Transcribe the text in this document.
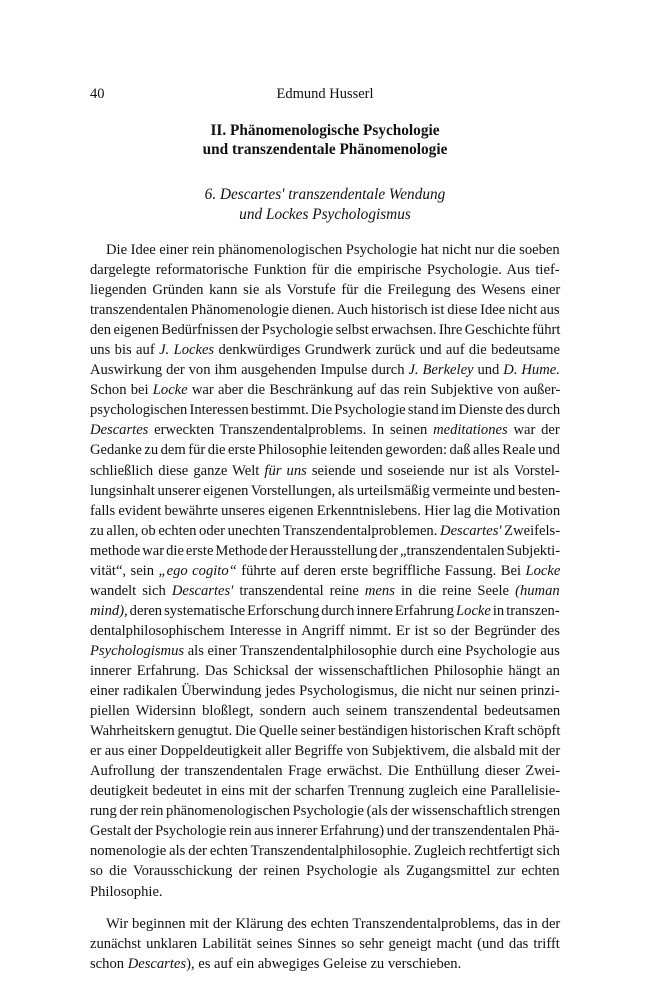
40	Edmund Husserl
II. Phänomenologische Psychologie
und transzendentale Phänomenologie
6. Descartes' transzendentale Wendung
und Lockes Psychologismus

Die Idee einer rein phänomenologischen Psychologie hat nicht nur die soeben
dargelegte reformatorische Funktion für die empirische Psychologie. Aus tief-
liegenden Gründen kann sie als Vorstufe für die Freilegung des Wesens einer
transzendentalen Phänomenologie dienen. Auch historisch ist diese Idee nicht aus
den eigenen Bedürfnissen der Psychologie selbst erwachsen. Ihre Geschichte führt
uns bis auf J. Lockes denkwürdiges Grundwerk zurück und auf die bedeutsame
Auswirkung der von ihm ausgehenden Impulse durch J. Berkeley und D. Hume.
Schon bei Locke war aber die Beschränkung auf das rein Subjektive von außer-
psychologischen Interessen bestimmt. Die Psychologie stand im Dienste des durch
Descartes erweckten Transzendentalproblems. In seinen meditationes war der
Gedanke zu dem für die erste Philosophie leitenden geworden: daß alles Reale und
schließlich diese ganze Welt für uns seiende und soseiende nur ist als Vorstel-
lungsinhalt unserer eigenen Vorstellungen, als urteilsmäßig vermeinte und besten-
falls evident bewährte unseres eigenen Erkenntnislebens. Hier lag die Motivation
zu allen, ob echten oder unechten Transzendentalproblemen. Descartes' Zweifels-
methode war die erste Methode der Herausstellung der „transzendentalen Subjekti-
vität“, sein „ego cogito“ führte auf deren erste begriffliche Fassung. Bei Locke
wandelt sich Descartes' transzendental reine mens in die reine Seele (human
mind), deren systematische Erforschung durch innere Erfahrung Locke in transzen-
dentalphilosophischem Interesse in Angriff nimmt. Er ist so der Begründer des
Psychologismus als einer Transzendentalphilosophie durch eine Psychologie aus
innerer Erfahrung. Das Schicksal der wissenschaftlichen Philosophie hängt an
einer radikalen Überwindung jedes Psychologismus, die nicht nur seinen prinzi-
piellen Widersinn bloßlegt, sondern auch seinem transzendental bedeutsamen
Wahrheitskern genugtut. Die Quelle seiner beständigen historischen Kraft schöpft
er aus einer Doppeldeutigkeit aller Begriffe von Subjektivem, die alsbald mit der
Aufrollung der transzendentalen Frage erwächst. Die Enthüllung dieser Zwei-
deutigkeit bedeutet in eins mit der scharfen Trennung zugleich eine Parallelisie-
rung der rein phänomenologischen Psychologie (als der wissenschaftlich strengen
Gestalt der Psychologie rein aus innerer Erfahrung) und der transzendentalen Phä-
nomenologie als der echten Transzendentalphilosophie. Zugleich rechtfertigt sich
so die Vorausschickung der reinen Psychologie als Zugangsmittel zur echten
Philosophie.

Wir beginnen mit der Klärung des echten Transzendentalproblems, das in der
zunächst unklaren Labilität seines Sinnes so sehr geneigt macht (und das trifft
schon Descartes), es auf ein abwegiges Geleise zu verschieben.
